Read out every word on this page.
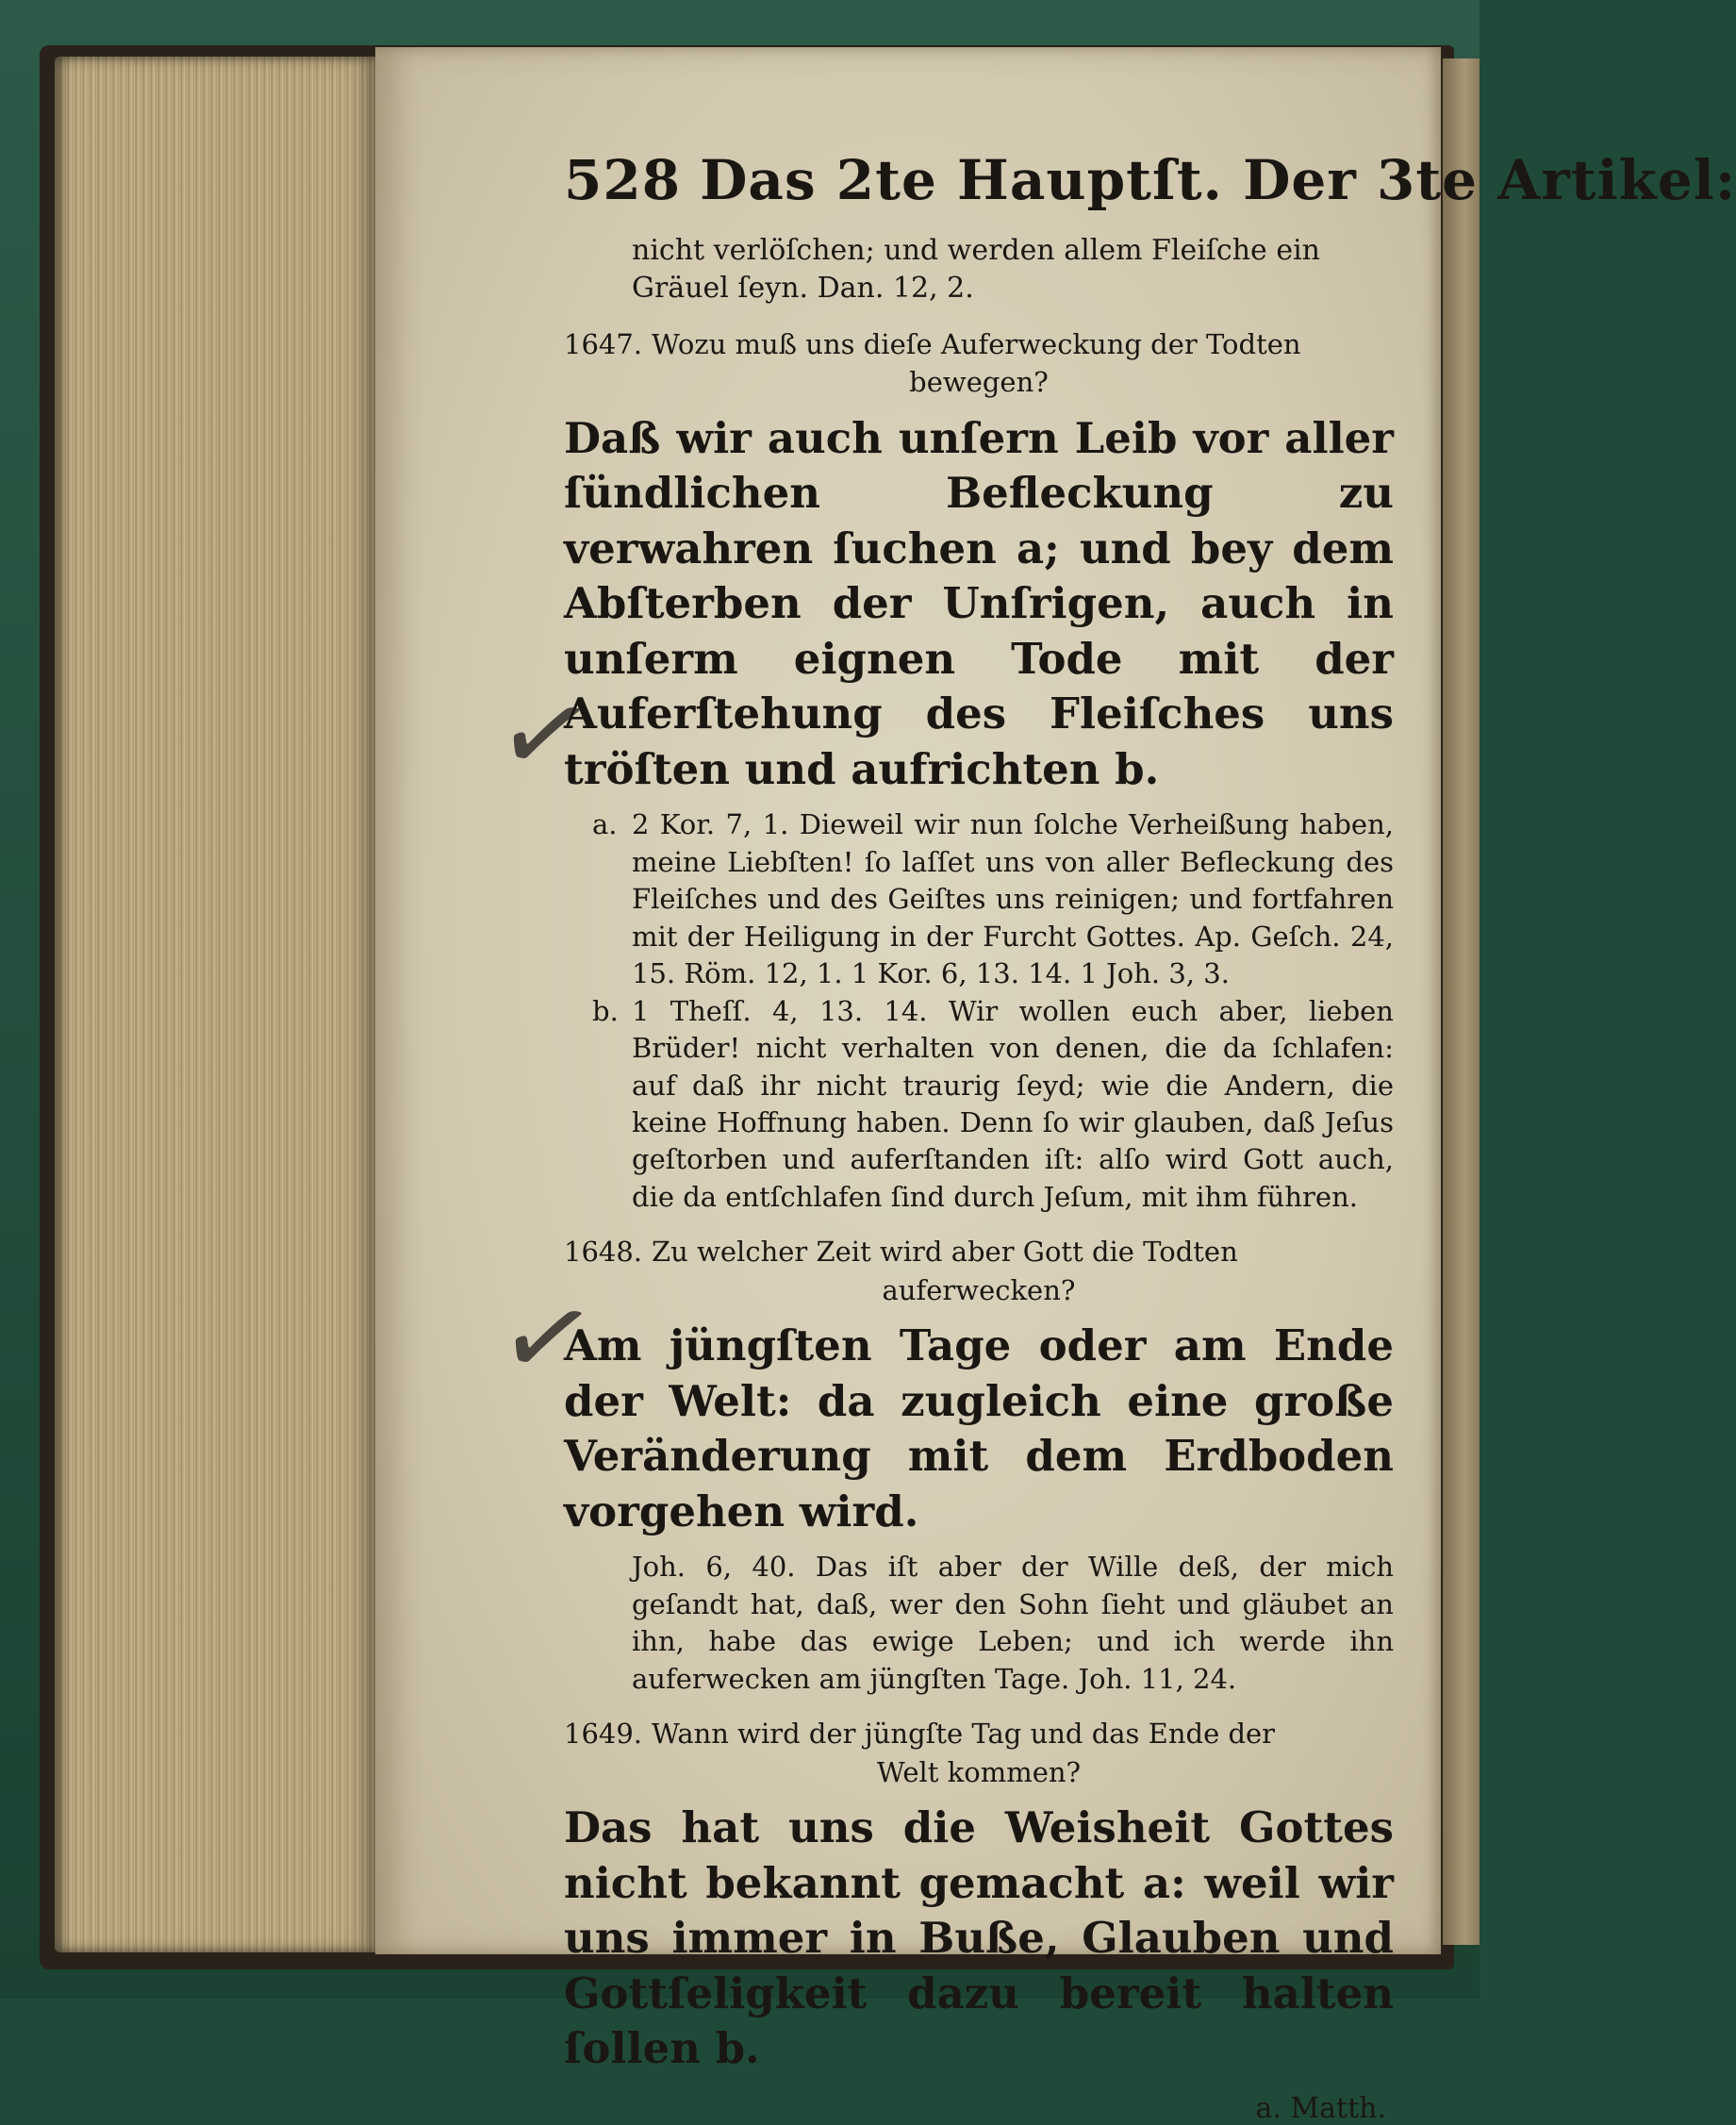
✓
✓
528 Das 2te Hauptſt. Der 3te Artikel:

nicht verlöſchen; und werden allem Fleiſche ein Gräuel ſeyn. Dan. 12, 2.

1647. Wozu muß uns dieſe Auferweckung der Todten
bewegen?

Daß wir auch unſern Leib vor aller ſündlichen Befleckung zu verwahren ſuchen a; und bey dem Abſterben der Unſrigen, auch in unſerm eignen Tode mit der Auferſtehung des Fleiſches uns tröſten und aufrichten b.

a. 2 Kor. 7, 1. Dieweil wir nun ſolche Verheißung haben, meine Liebſten! ſo laſſet uns von aller Befleckung des Fleiſches und des Geiſtes uns reinigen; und fortfahren mit der Heiligung in der Furcht Gottes. Ap. Geſch. 24, 15. Röm. 12, 1. 1 Kor. 6, 13. 14. 1 Joh. 3, 3.

b. 1 Theſſ. 4, 13. 14. Wir wollen euch aber, lieben Brüder! nicht verhalten von denen, die da ſchlafen: auf daß ihr nicht traurig ſeyd; wie die Andern, die keine Hoffnung haben. Denn ſo wir glauben, daß Jeſus geſtorben und auferſtanden iſt: alſo wird Gott auch, die da entſchlafen ſind durch Jeſum, mit ihm führen.

1648. Zu welcher Zeit wird aber Gott die Todten
auferwecken?

Am jüngſten Tage oder am Ende der Welt: da zugleich eine große Veränderung mit dem Erdboden vorgehen wird.

Joh. 6, 40. Das iſt aber der Wille deß, der mich geſandt hat, daß, wer den Sohn ſieht und gläubet an ihn, habe das ewige Leben; und ich werde ihn auferwecken am jüngſten Tage. Joh. 11, 24.

1649. Wann wird der jüngſte Tag und das Ende der
Welt kommen?

Das hat uns die Weisheit Gottes nicht bekannt gemacht a: weil wir uns immer in Buße, Glauben und Gottſeligkeit dazu bereit halten ſollen b.

a. Matth.
